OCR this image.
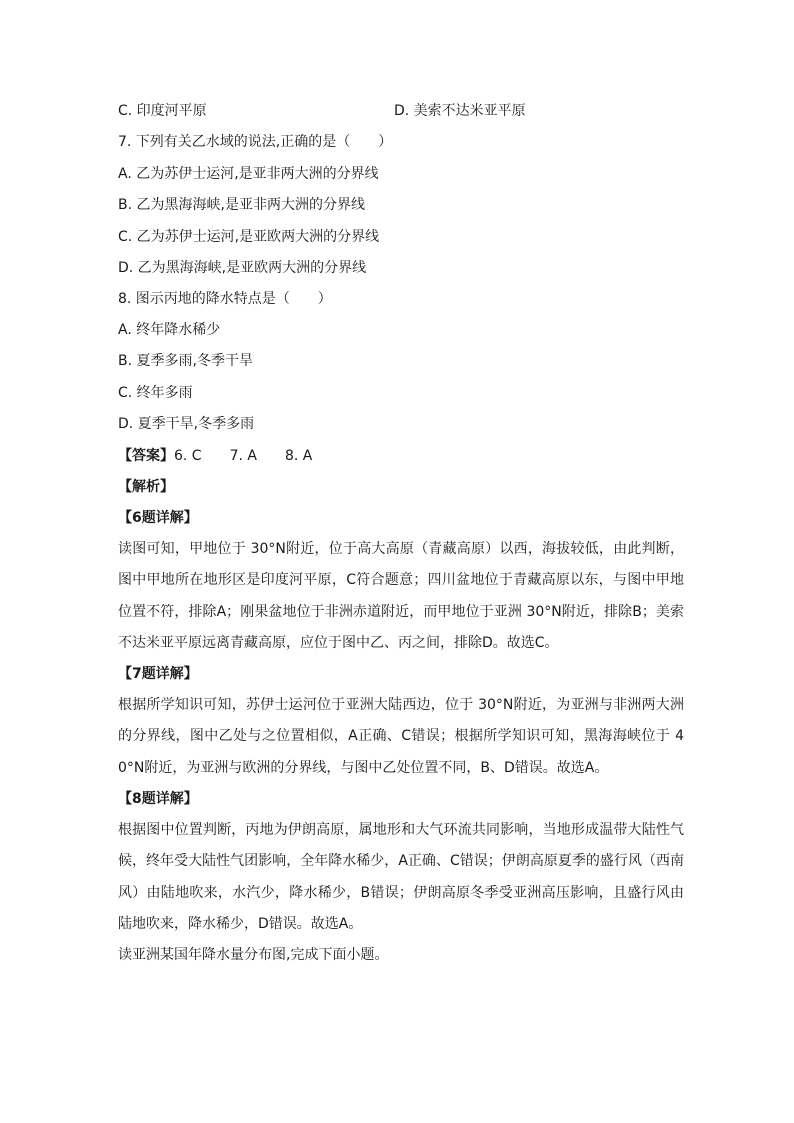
C. 印度河平原	D. 美索不达米亚平原
7. 下列有关乙水域的说法,正确的是（　　）
A. 乙为苏伊士运河,是亚非两大洲的分界线
B. 乙为黑海海峡,是亚非两大洲的分界线
C. 乙为苏伊士运河,是亚欧两大洲的分界线
D. 乙为黑海海峡,是亚欧两大洲的分界线
8. 图示丙地的降水特点是（　　）
A. 终年降水稀少
B. 夏季多雨,冬季干旱
C. 终年多雨
D. 夏季干旱,冬季多雨
【答案】6. C　　7. A　　8. A
【解析】
【6题详解】
读图可知，甲地位于 30°N附近，位于高大高原（青藏高原）以西，海拔较低，由此判断，图中甲地所在地形区是印度河平原，C符合题意；四川盆地位于青藏高原以东，与图中甲地位置不符，排除A；刚果盆地位于非洲赤道附近，而甲地位于亚洲 30°N附近，排除B；美索不达米亚平原远离青藏高原，应位于图中乙、丙之间，排除D。故选C。
【7题详解】
根据所学知识可知，苏伊士运河位于亚洲大陆西边，位于 30°N附近，为亚洲与非洲两大洲的分界线，图中乙处与之位置相似，A正确、C错误；根据所学知识可知，黑海海峡位于 40°N附近，为亚洲与欧洲的分界线，与图中乙处位置不同，B、D错误。故选A。
【8题详解】
根据图中位置判断，丙地为伊朗高原，属地形和大气环流共同影响，当地形成温带大陆性气候，终年受大陆性气团影响，全年降水稀少，A正确、C错误；伊朗高原夏季的盛行风（西南风）由陆地吹来，水汽少，降水稀少，B错误；伊朗高原冬季受亚洲高压影响，且盛行风由陆地吹来，降水稀少，D错误。故选A。
读亚洲某国年降水量分布图,完成下面小题。
